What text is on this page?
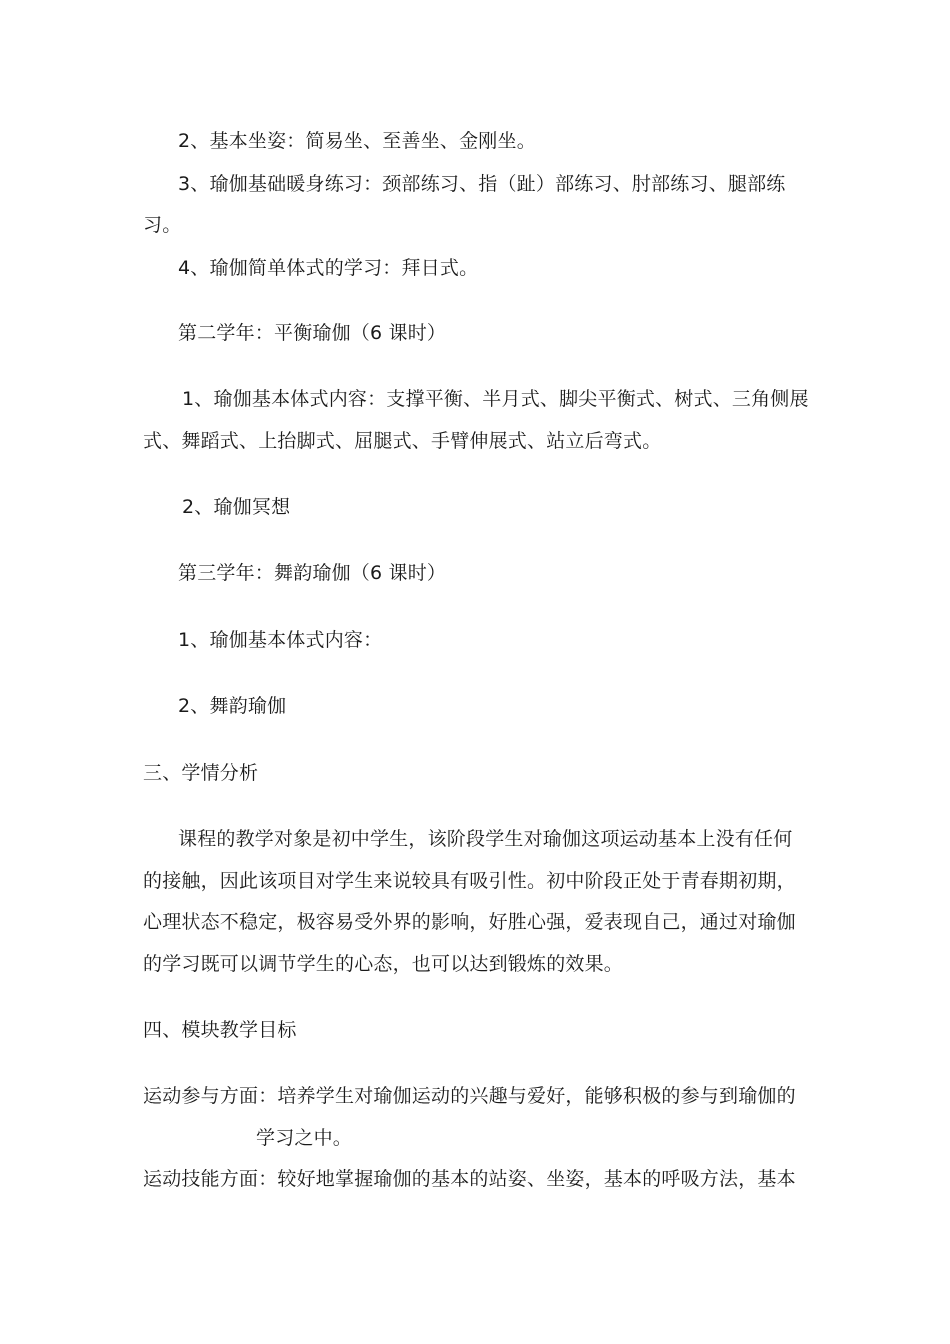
2、基本坐姿：简易坐、至善坐、金刚坐。
3、瑜伽基础暖身练习：颈部练习、指（趾）部练习、肘部练习、腿部练
习。
4、瑜伽简单体式的学习：拜日式。
第二学年：平衡瑜伽（6 课时）
1、瑜伽基本体式内容：支撑平衡、半月式、脚尖平衡式、树式、三角侧展
式、舞蹈式、上抬脚式、屈腿式、手臂伸展式、站立后弯式。
2、瑜伽冥想
第三学年：舞韵瑜伽（6 课时）
1、瑜伽基本体式内容：
2、舞韵瑜伽
三、学情分析
课程的教学对象是初中学生，该阶段学生对瑜伽这项运动基本上没有任何
的接触，因此该项目对学生来说较具有吸引性。初中阶段正处于青春期初期，
心理状态不稳定，极容易受外界的影响，好胜心强，爱表现自己，通过对瑜伽
的学习既可以调节学生的心态，也可以达到锻炼的效果。
四、模块教学目标
运动参与方面：培养学生对瑜伽运动的兴趣与爱好，能够积极的参与到瑜伽的
学习之中。
运动技能方面：较好地掌握瑜伽的基本的站姿、坐姿，基本的呼吸方法，基本
